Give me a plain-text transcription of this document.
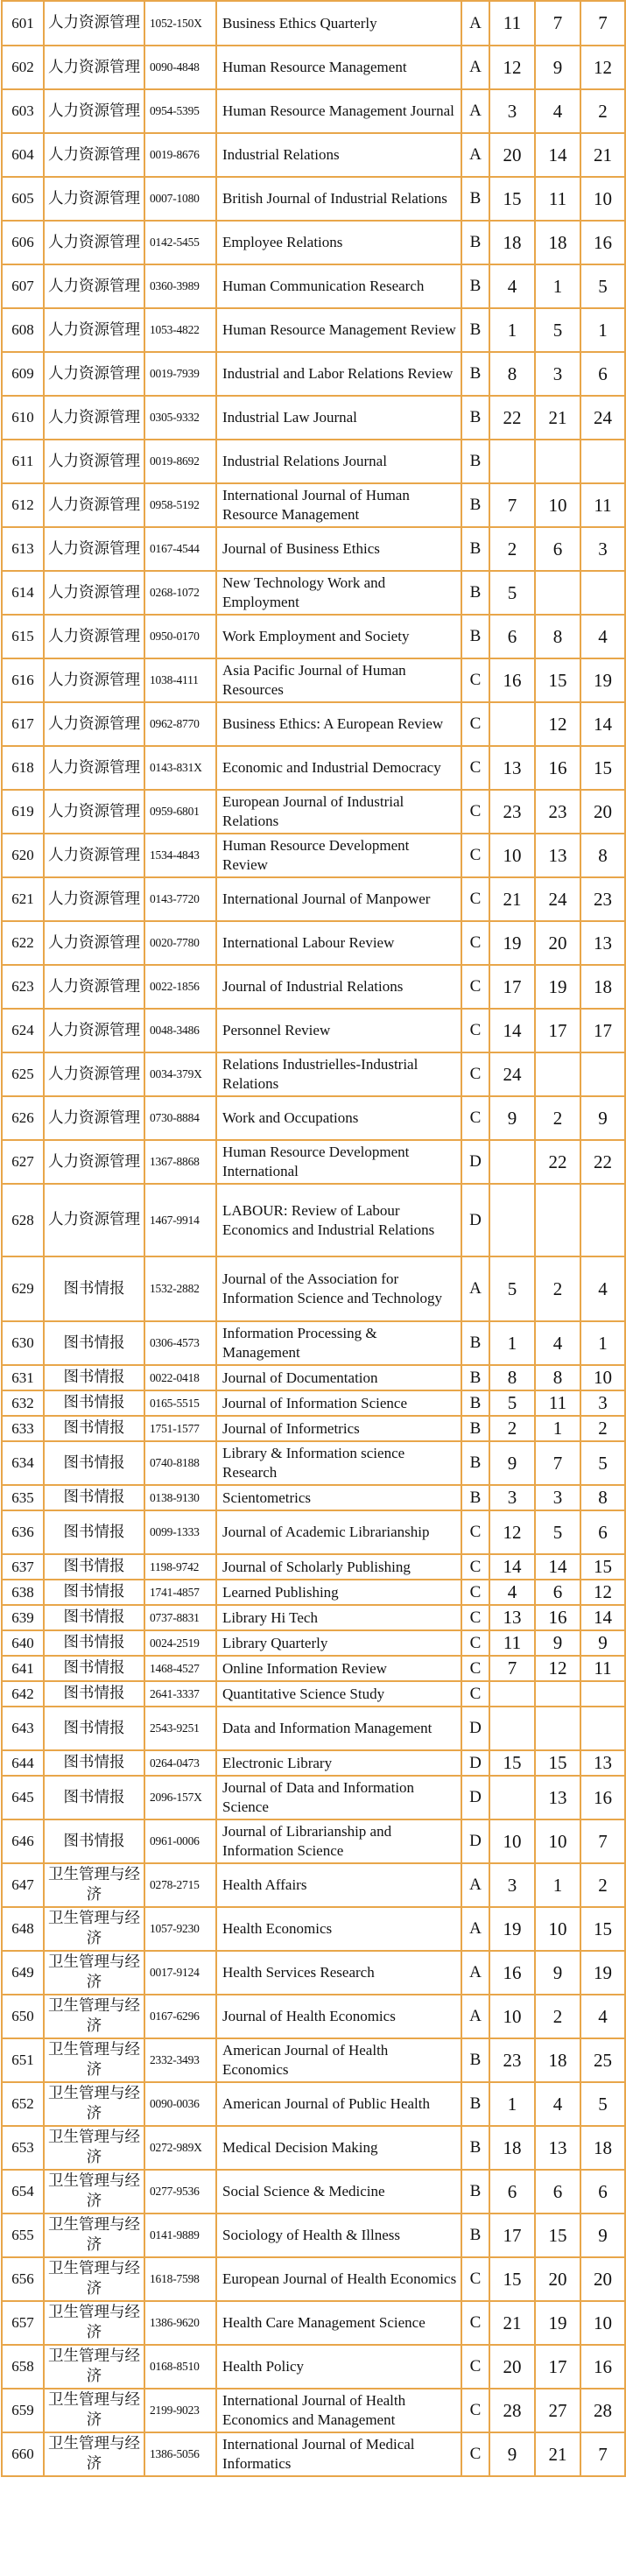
601	人力资源管理	1052-150X	Business Ethics Quarterly	A	11	7	7
602	人力资源管理	0090-4848	Human Resource Management	A	12	9	12
603	人力资源管理	0954-5395	Human Resource Management Journal	A	3	4	2
604	人力资源管理	0019-8676	Industrial Relations	A	20	14	21
605	人力资源管理	0007-1080	British Journal of Industrial Relations	B	15	11	10
606	人力资源管理	0142-5455	Employee Relations	B	18	18	16
607	人力资源管理	0360-3989	Human Communication Research	B	4	1	5
608	人力资源管理	1053-4822	Human Resource Management Review	B	1	5	1
609	人力资源管理	0019-7939	Industrial and Labor Relations Review	B	8	3	6
610	人力资源管理	0305-9332	Industrial Law Journal	B	22	21	24
611	人力资源管理	0019-8692	Industrial Relations Journal	B			
612	人力资源管理	0958-5192	International Journal of Human Resource Management	B	7	10	11
613	人力资源管理	0167-4544	Journal of Business Ethics	B	2	6	3
614	人力资源管理	0268-1072	New Technology Work and Employment	B	5		
615	人力资源管理	0950-0170	Work Employment and Society	B	6	8	4
616	人力资源管理	1038-4111	Asia Pacific Journal of Human Resources	C	16	15	19
617	人力资源管理	0962-8770	Business Ethics: A European Review	C		12	14
618	人力资源管理	0143-831X	Economic and Industrial Democracy	C	13	16	15
619	人力资源管理	0959-6801	European Journal of Industrial Relations	C	23	23	20
620	人力资源管理	1534-4843	Human Resource Development Review	C	10	13	8
621	人力资源管理	0143-7720	International Journal of Manpower	C	21	24	23
622	人力资源管理	0020-7780	International Labour Review	C	19	20	13
623	人力资源管理	0022-1856	Journal of Industrial Relations	C	17	19	18
624	人力资源管理	0048-3486	Personnel Review	C	14	17	17
625	人力资源管理	0034-379X	Relations Industrielles-Industrial Relations	C	24		
626	人力资源管理	0730-8884	Work and Occupations	C	9	2	9
627	人力资源管理	1367-8868	Human Resource Development International	D		22	22
628	人力资源管理	1467-9914	LABOUR: Review of Labour Economics and Industrial Relations	D			
629	图书情报	1532-2882	Journal of the Association for Information Science and Technology	A	5	2	4
630	图书情报	0306-4573	Information Processing & Management	B	1	4	1
631	图书情报	0022-0418	Journal of Documentation	B	8	8	10
632	图书情报	0165-5515	Journal of Information Science	B	5	11	3
633	图书情报	1751-1577	Journal of Informetrics	B	2	1	2
634	图书情报	0740-8188	Library & Information science Research	B	9	7	5
635	图书情报	0138-9130	Scientometrics	B	3	3	8
636	图书情报	0099-1333	Journal of Academic Librarianship	C	12	5	6
637	图书情报	1198-9742	Journal of Scholarly Publishing	C	14	14	15
638	图书情报	1741-4857	Learned Publishing	C	4	6	12
639	图书情报	0737-8831	Library Hi Tech	C	13	16	14
640	图书情报	0024-2519	Library Quarterly	C	11	9	9
641	图书情报	1468-4527	Online Information Review	C	7	12	11
642	图书情报	2641-3337	Quantitative Science Study	C			
643	图书情报	2543-9251	Data and Information Management	D			
644	图书情报	0264-0473	Electronic Library	D	15	15	13
645	图书情报	2096-157X	Journal of Data and Information Science	D		13	16
646	图书情报	0961-0006	Journal of Librarianship and Information Science	D	10	10	7
647	卫生管理与经济	0278-2715	Health Affairs	A	3	1	2
648	卫生管理与经济	1057-9230	Health Economics	A	19	10	15
649	卫生管理与经济	0017-9124	Health Services Research	A	16	9	19
650	卫生管理与经济	0167-6296	Journal of Health Economics	A	10	2	4
651	卫生管理与经济	2332-3493	American Journal of Health Economics	B	23	18	25
652	卫生管理与经济	0090-0036	American Journal of Public Health	B	1	4	5
653	卫生管理与经济	0272-989X	Medical Decision Making	B	18	13	18
654	卫生管理与经济	0277-9536	Social Science & Medicine	B	6	6	6
655	卫生管理与经济	0141-9889	Sociology of Health & Illness	B	17	15	9
656	卫生管理与经济	1618-7598	European Journal of Health Economics	C	15	20	20
657	卫生管理与经济	1386-9620	Health Care Management Science	C	21	19	10
658	卫生管理与经济	0168-8510	Health Policy	C	20	17	16
659	卫生管理与经济	2199-9023	International Journal of Health Economics and Management	C	28	27	28
660	卫生管理与经济	1386-5056	International Journal of Medical Informatics	C	9	21	7
